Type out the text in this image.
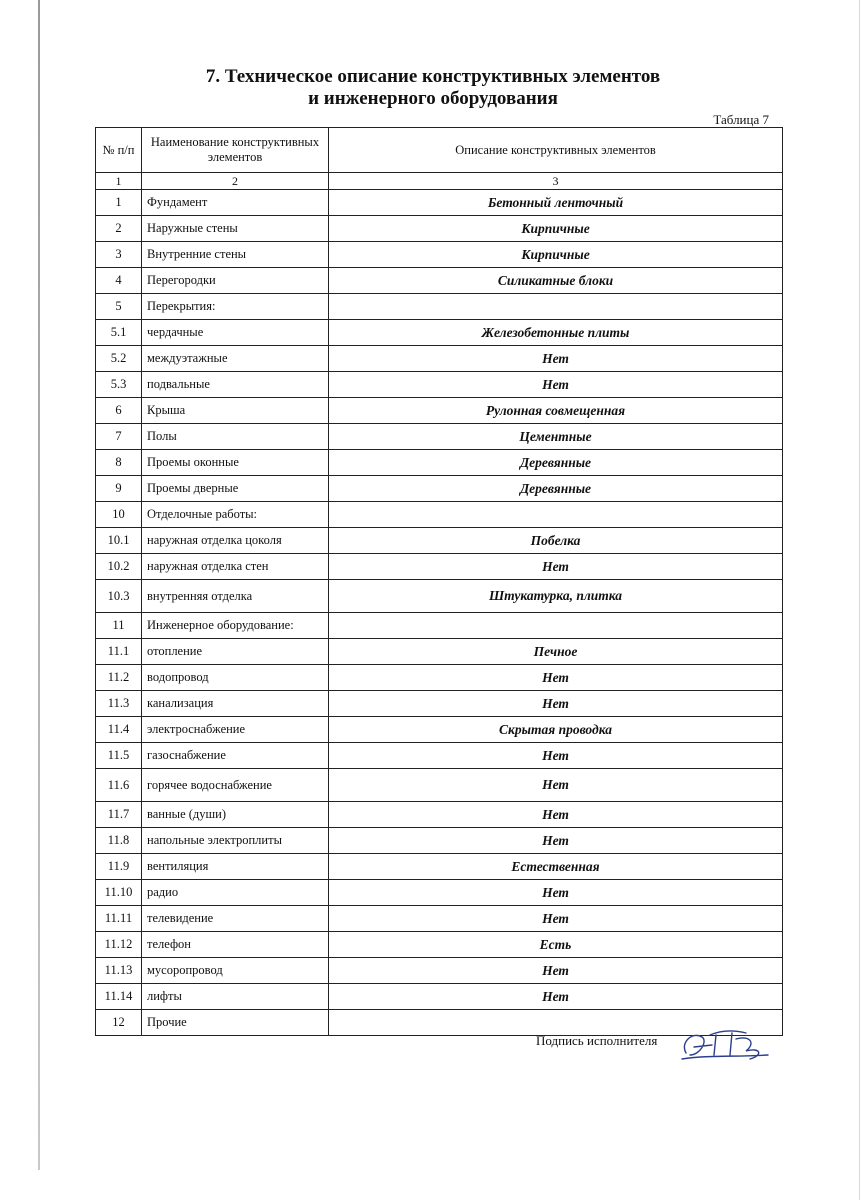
7. Техническое описание конструктивных элементов
и инженерного оборудования
Таблица 7
№ п/п	Наименование конструктивных элементов	Описание конструктивных элементов
1	2	3
1	Фундамент	Бетонный ленточный
2	Наружные стены	Кирпичные
3	Внутренние стены	Кирпичные
4	Перегородки	Силикатные блоки
5	Перекрытия:	
5.1	чердачные	Железобетонные плиты
5.2	междуэтажные	Нет
5.3	подвальные	Нет
6	Крыша	Рулонная совмещенная
7	Полы	Цементные
8	Проемы оконные	Деревянные
9	Проемы дверные	Деревянные
10	Отделочные работы:	
10.1	наружная отделка цоколя	Побелка
10.2	наружная отделка стен	Нет
10.3	внутренняя отделка	Штукатурка, плитка
11	Инженерное оборудование:	
11.1	отопление	Печное
11.2	водопровод	Нет
11.3	канализация	Нет
11.4	электроснабжение	Скрытая проводка
11.5	газоснабжение	Нет
11.6	горячее водоснабжение	Нет
11.7	ванные (души)	Нет
11.8	напольные электроплиты	Нет
11.9	вентиляция	Естественная
11.10	радио	Нет
11.11	телевидение	Нет
11.12	телефон	Есть
11.13	мусоропровод	Нет
11.14	лифты	Нет
12	Прочие	
Подпись исполнителя
